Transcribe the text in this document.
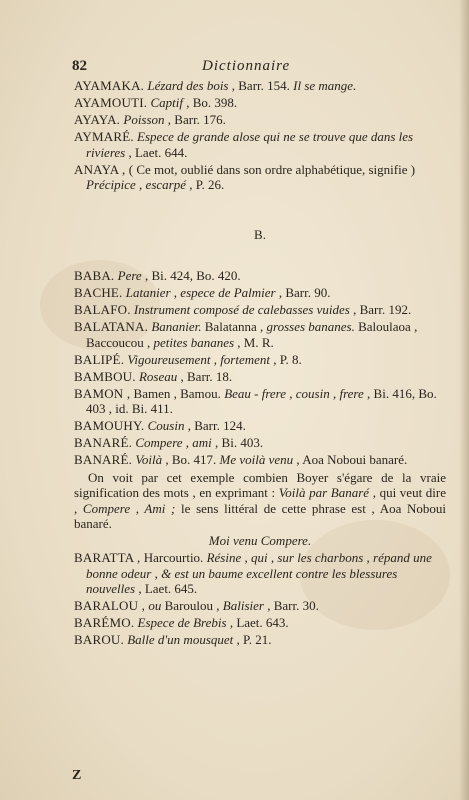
82	Dictionnaire
AYAMAKA. Lézard des bois , Barr. 154. Il se mange.
AYAMOUTI. Captif , Bo. 398.
AYAYA. Poisson , Barr. 176.
AYMARÉ. Espece de grande alose qui ne se trouve que dans les rivieres , Laet. 644.
ANAYA , ( Ce mot, oublié dans son ordre alphabétique, signifie ) Précipice , escarpé , P. 26.
B.
BABA. Pere , Bi. 424, Bo. 420.
BACHE. Latanier , espece de Palmier , Barr. 90.
BALAFO. Instrument composé de calebasses vuides , Barr. 192.
BALATANA. Bananier. Balatanna , grosses bananes. Baloulaoa , Baccoucou , petites bananes , M. R.
BALIPÉ. Vigoureusement , fortement , P. 8.
BAMBOU. Roseau , Barr. 18.
BAMON , Bamen , Bamou. Beau - frere , cousin , frere , Bi. 416, Bo. 403 , id. Bi. 411.
BAMOUHY. Cousin , Barr. 124.
BANARÉ. Compere , ami , Bi. 403.
BANARÉ. Voilà , Bo. 417. Me voilà venu , Aoa Noboui banaré.

On voit par cet exemple combien Boyer s'égare de la vraie signification des mots , en exprimant : Voilà par Banaré , qui veut dire , Compere , Ami ; le sens littéral de cette phrase est , Aoa Noboui banaré.

Moi venu Compere.
BARATTA , Harcourtio. Résine , qui , sur les charbons , répand une bonne odeur , & est un baume excellent contre les blessures nouvelles , Laet. 645.
BARALOU , ou Baroulou , Balisier , Barr. 30.
BARÉMO. Espece de Brebis , Laet. 643.
BAROU. Balle d'un mousquet , P. 21.
Z
